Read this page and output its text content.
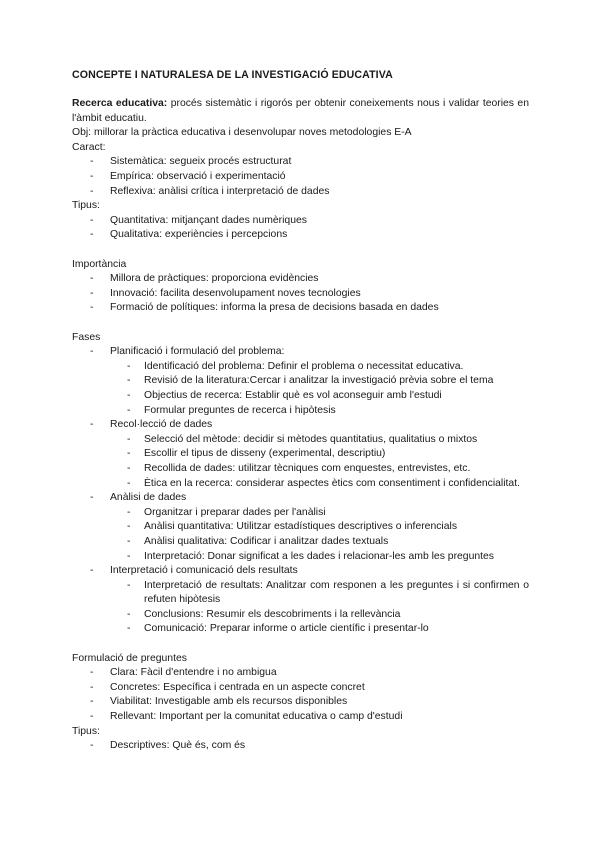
CONCEPTE I NATURALESA DE LA INVESTIGACIÓ EDUCATIVA

Recerca educativa: procés sistemàtic i rigorós per obtenir coneixements nous i validar teories en l'àmbit educatiu.

Obj: millorar la pràctica educativa i desenvolupar noves metodologies E-A

Caract:

- Sistemàtica: segueix procés estructurat
- Empírica: observació i experimentació
- Reflexiva: anàlisi crítica i interpretació de dades

Tipus:

- Quantitativa: mitjançant dades numèriques
- Qualitativa: experiències i percepcions

Importància

- Millora de pràctiques: proporciona evidències
- Innovació: facilita desenvolupament noves tecnologies
- Formació de polítiques: informa la presa de decisions basada en dades

Fases

- Planificació i formulació del problema:
- Identificació del problema: Definir el problema o necessitat educativa.
- Revisió de la literatura:Cercar i analitzar la investigació prèvia sobre el tema
- Objectius de recerca: Establir què es vol aconseguir amb l'estudi
- Formular preguntes de recerca i hipòtesis
- Recol·lecció de dades
- Selecció del mètode: decidir si mètodes quantitatius, qualitatius o mixtos
- Escollir el tipus de disseny (experimental, descriptiu)
- Recollida de dades: utilitzar tècniques com enquestes, entrevistes, etc.
- Ètica en la recerca: considerar aspectes ètics com consentiment i confidencialitat.
- Anàlisi de dades
- Organitzar i preparar dades per l'anàlisi
- Anàlisi quantitativa: Utilitzar estadístiques descriptives o inferencials
- Anàlisi qualitativa: Codificar i analitzar dades textuals
- Interpretació: Donar significat a les dades i relacionar-les amb les preguntes
- Interpretació i comunicació dels resultats
- Interpretació de resultats: Analitzar com responen a les preguntes i si confirmen o refuten hipòtesis
- Conclusions: Resumir els descobriments i la rellevància
- Comunicació: Preparar informe o article científic i presentar-lo

Formulació de preguntes

- Clara: Fàcil d'entendre i no ambigua
- Concretes: Específica i centrada en un aspecte concret
- Viabilitat: Investigable amb els recursos disponibles
- Rellevant: Important per la comunitat educativa o camp d'estudi

Tipus:

- Descriptives: Què és, com és
